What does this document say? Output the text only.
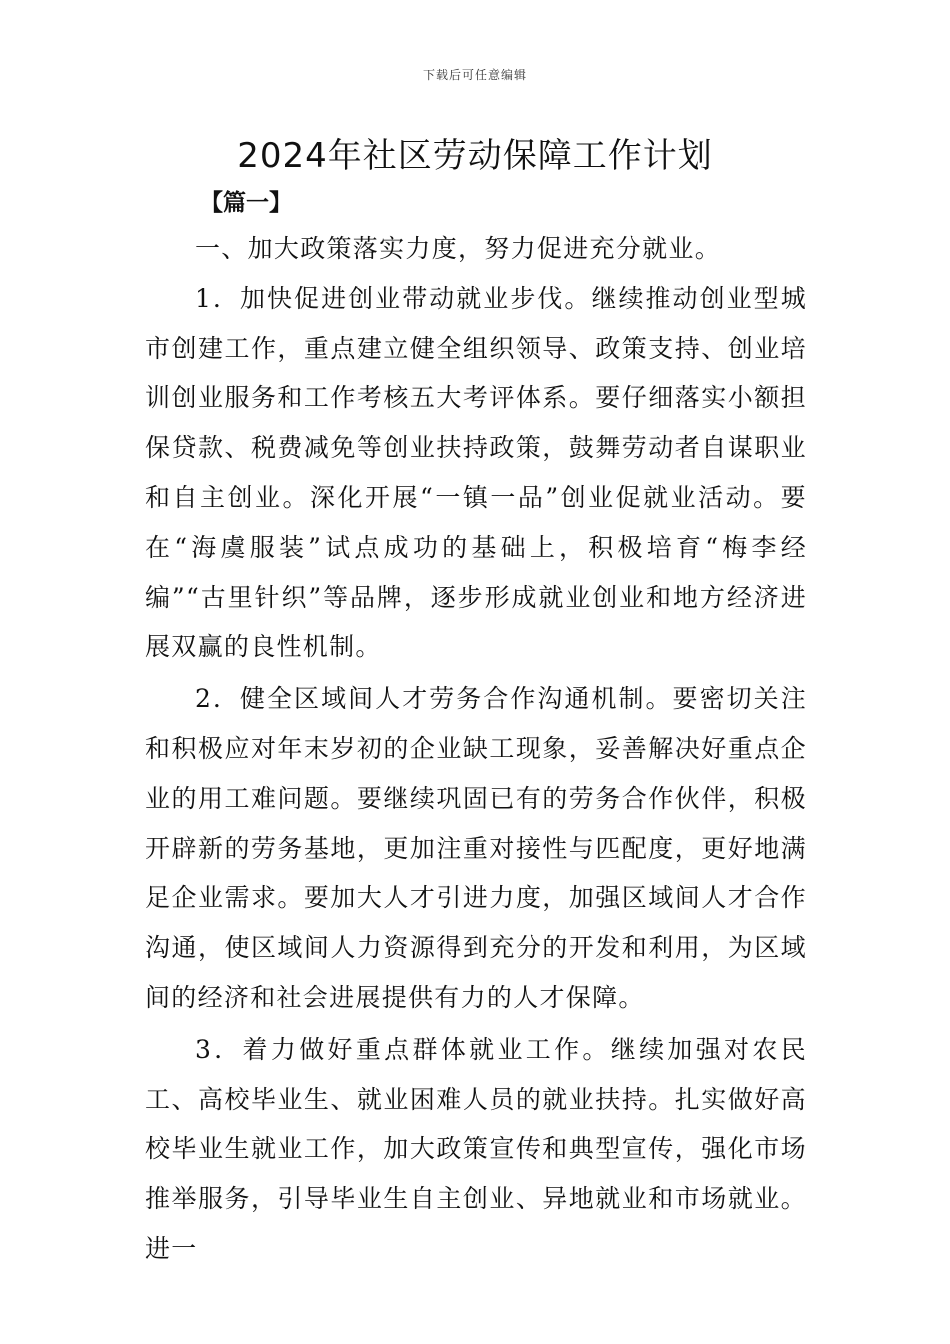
下载后可任意编辑
2024年社区劳动保障工作计划
【篇一】

一、加大政策落实力度，努力促进充分就业。

1．加快促进创业带动就业步伐。继续推动创业型城市创建工作，重点建立健全组织领导、政策支持、创业培训创业服务和工作考核五大考评体系。要仔细落实小额担保贷款、税费减免等创业扶持政策，鼓舞劳动者自谋职业和自主创业。深化开展“一镇一品”创业促就业活动。要在“海虞服装”试点成功的基础上，积极培育“梅李经编”“古里针织”等品牌，逐步形成就业创业和地方经济进展双赢的良性机制。

2．健全区域间人才劳务合作沟通机制。要密切关注和积极应对年末岁初的企业缺工现象，妥善解决好重点企业的用工难问题。要继续巩固已有的劳务合作伙伴，积极开辟新的劳务基地，更加注重对接性与匹配度，更好地满足企业需求。要加大人才引进力度，加强区域间人才合作沟通，使区域间人力资源得到充分的开发和利用，为区域间的经济和社会进展提供有力的人才保障。

3．着力做好重点群体就业工作。继续加强对农民工、高校毕业生、就业困难人员的就业扶持。扎实做好高校毕业生就业工作，加大政策宣传和典型宣传，强化市场推举服务，引导毕业生自主创业、异地就业和市场就业。进一
